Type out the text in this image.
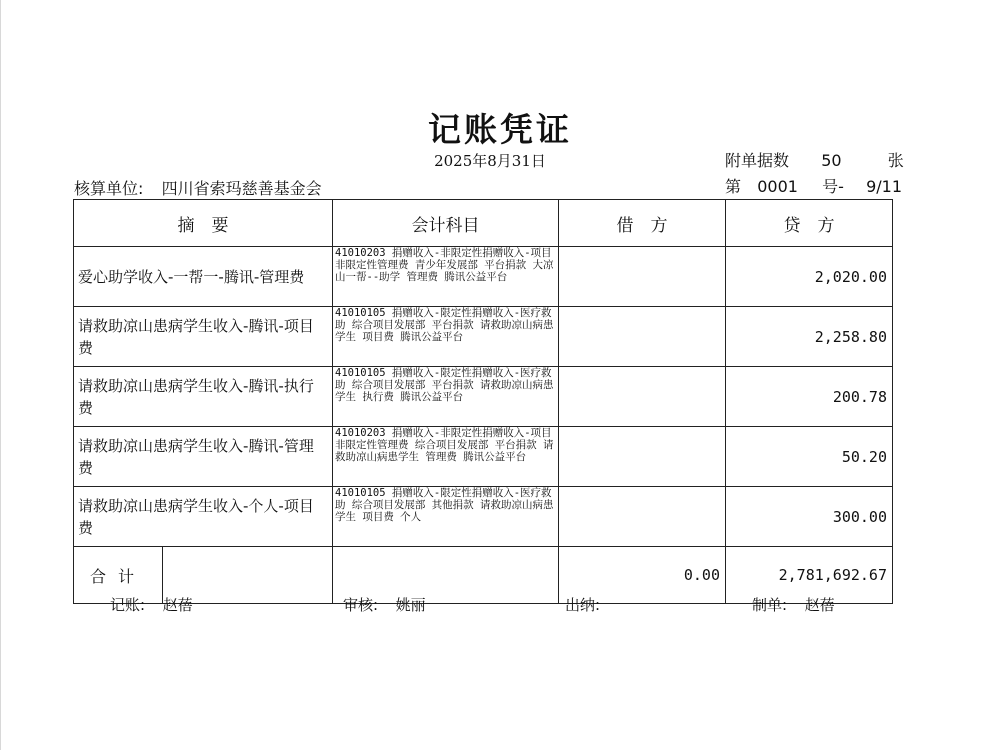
记账凭证
2025年8月31日	附单据数 50	张
核算单位: 四川省索玛慈善基金会	第 0001 号- 9/11
摘　要	会计科目	借　方	贷　方
爱心助学收入-一帮一-腾讯-管理费	41010203 捐赠收入-非限定性捐赠收入-项目非限定性管理费 青少年发展部 平台捐款 大凉山一帮--助学 管理费 腾讯公益平台		2,020.00
请救助凉山患病学生收入-腾讯-项目费	41010105 捐赠收入-限定性捐赠收入-医疗救助 综合项目发展部 平台捐款 请救助凉山病患学生 项目费 腾讯公益平台		2,258.80
请救助凉山患病学生收入-腾讯-执行费	41010105 捐赠收入-限定性捐赠收入-医疗救助 综合项目发展部 平台捐款 请救助凉山病患学生 执行费 腾讯公益平台		200.78
请救助凉山患病学生收入-腾讯-管理费	41010203 捐赠收入-非限定性捐赠收入-项目非限定性管理费 综合项目发展部 平台捐款 请救助凉山病患学生 管理费 腾讯公益平台		50.20
请救助凉山患病学生收入-个人-项目费	41010105 捐赠收入-限定性捐赠收入-医疗救助 综合项目发展部 其他捐款 请救助凉山病患学生 项目费 个人		300.00

合计		0.00	2,781,692.67
记账: 赵蓓	审核: 姚丽	出纳:	制单: 赵蓓
